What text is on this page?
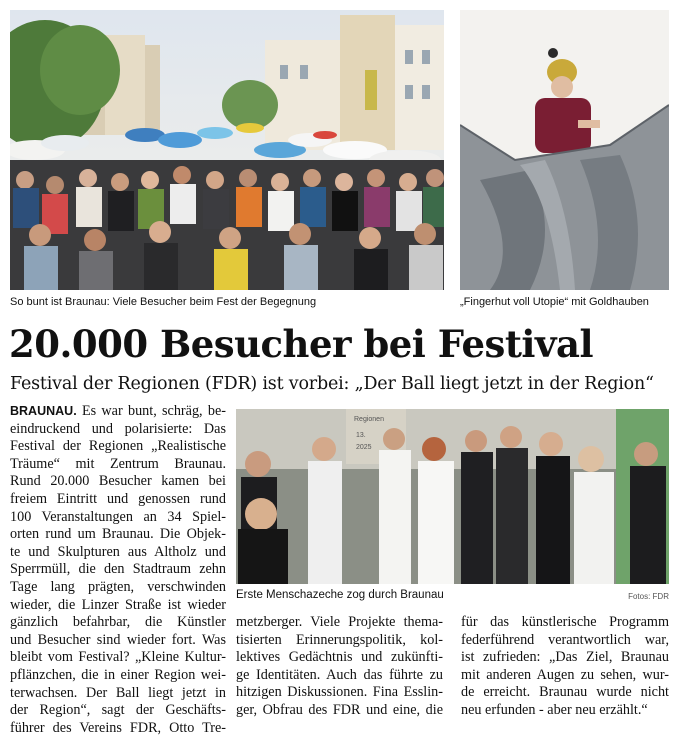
So bunt ist Braunau: Viele Besucher beim Fest der Begegnung	„Fingerhut voll Utopie“ mit Goldhauben
20.000 Besucher bei Festival
Festival der Regionen (FDR) ist vorbei: „Der Ball liegt jetzt in der Region“
Regionen
13.
2025
Erste Menschazeche zog durch Braunau	Fotos: FDR
BRAUNAU. Es war bunt, schräg, be-
eindruckend und polarisierte: Das
Festival der Regionen „Realistische
Träume“ mit Zentrum Braunau.
Rund 20.000 Besucher kamen bei
freiem Eintritt und genossen rund
100 Veranstaltungen an 34 Spiel-
orten rund um Braunau. Die Objek-
te und Skulpturen aus Altholz und
Sperrmüll, die den Stadtraum zehn
Tage lang prägten, verschwinden
wieder, die Linzer Straße ist wieder
gänzlich befahrbar, die Künstler
und Besucher sind wieder fort. Was
bleibt vom Festival? „Kleine Kultur-
pflänzchen, die in einer Region wei-
terwachsen. Der Ball liegt jetzt in
der Region“, sagt der Geschäfts-
führer des Vereins FDR, Otto Tre-
metzberger. Viele Projekte thema-
tisierten Erinnerungspolitik, kol-
lektives Gedächtnis und zukünfti-
ge Identitäten. Auch das führte zu
hitzigen Diskussionen. Fina Esslin-
ger, Obfrau des FDR und eine, die
für das künstlerische Programm
federführend verantwortlich war,
ist zufrieden: „Das Ziel, Braunau
mit anderen Augen zu sehen, wur-
de erreicht. Braunau wurde nicht
neu erfunden - aber neu erzählt.“
